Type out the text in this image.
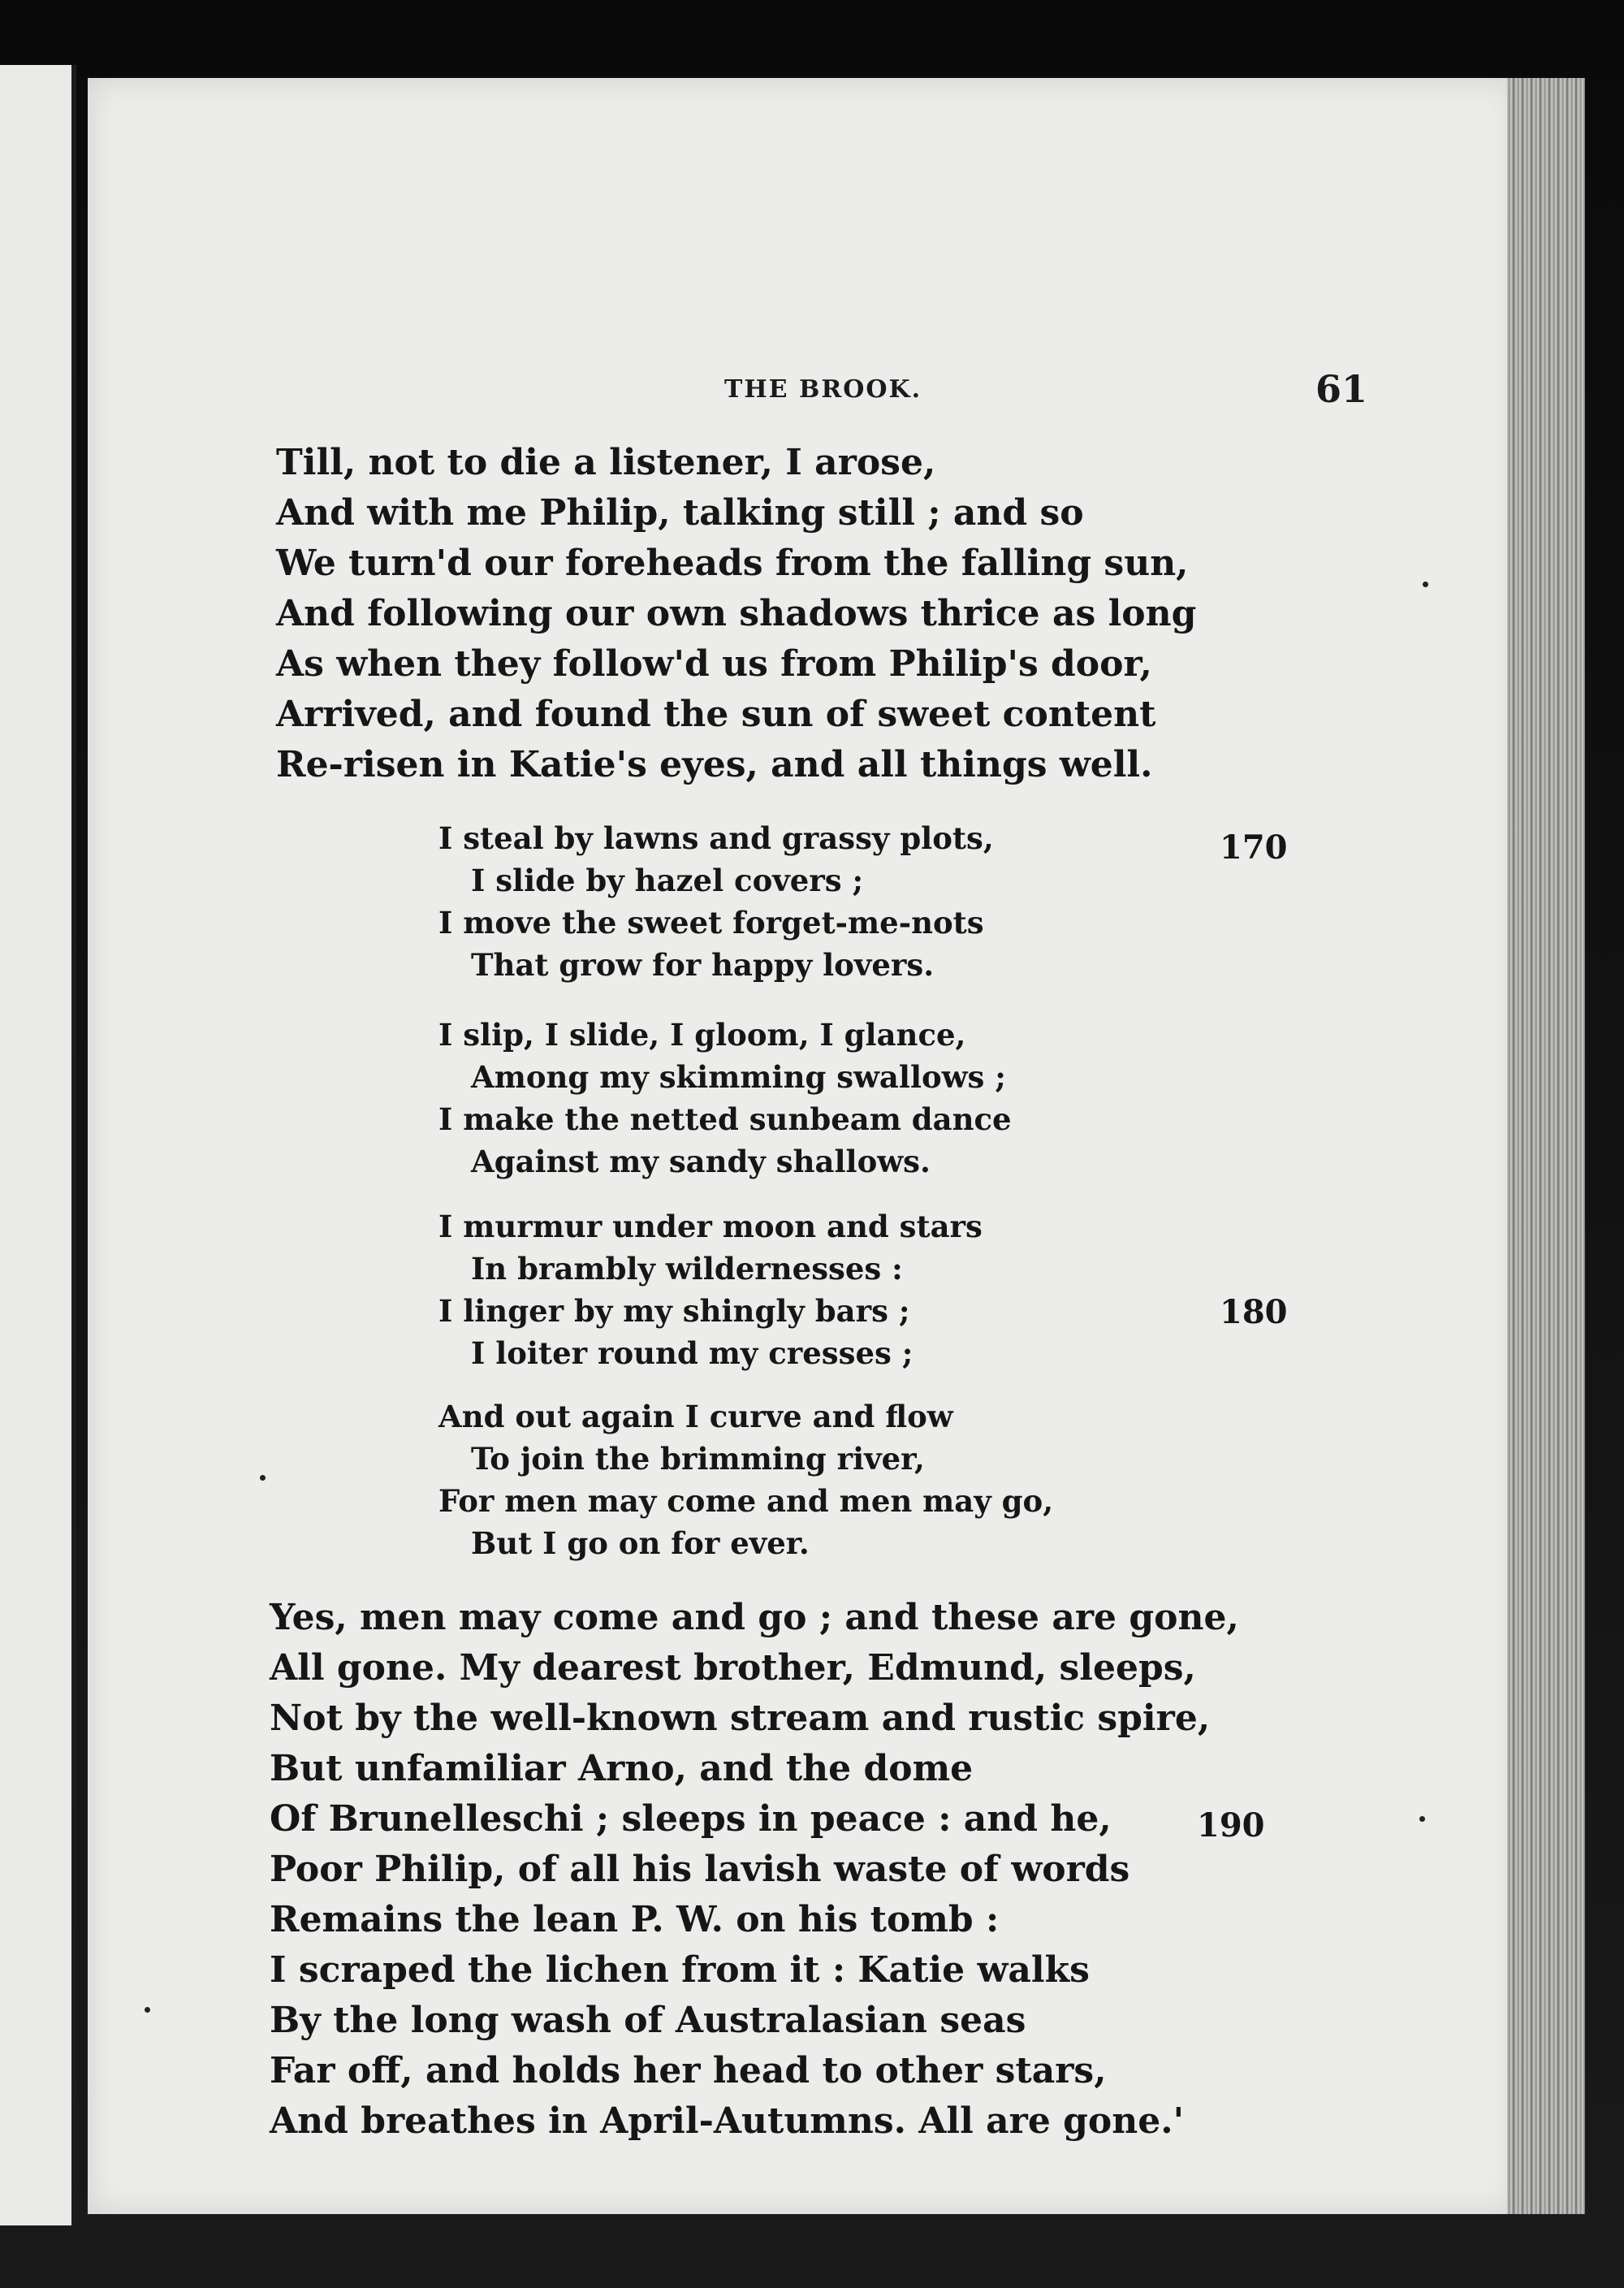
THE BROOK.	61
Till, not to die a listener, I arose,
And with me Philip, talking still ; and so
We turn'd our foreheads from the falling sun,
And following our own shadows thrice as long
As when they follow'd us from Philip's door,
Arrived, and found the sun of sweet content
Re-risen in Katie's eyes, and all things well.
I steal by lawns and grassy plots,
I slide by hazel covers ;
I move the sweet forget-me-nots
That grow for happy lovers.
170
I slip, I slide, I gloom, I glance,
Among my skimming swallows ;
I make the netted sunbeam dance
Against my sandy shallows.
I murmur under moon and stars
In brambly wildernesses :
I linger by my shingly bars ;
I loiter round my cresses ;
180
And out again I curve and flow
To join the brimming river,
For men may come and men may go,
But I go on for ever.
Yes, men may come and go ; and these are gone,
All gone. My dearest brother, Edmund, sleeps,
Not by the well-known stream and rustic spire,
But unfamiliar Arno, and the dome
Of Brunelleschi ; sleeps in peace : and he,
Poor Philip, of all his lavish waste of words
Remains the lean P. W. on his tomb :
I scraped the lichen from it : Katie walks
By the long wash of Australasian seas
Far off, and holds her head to other stars,
And breathes in April-Autumns. All are gone.'
190
